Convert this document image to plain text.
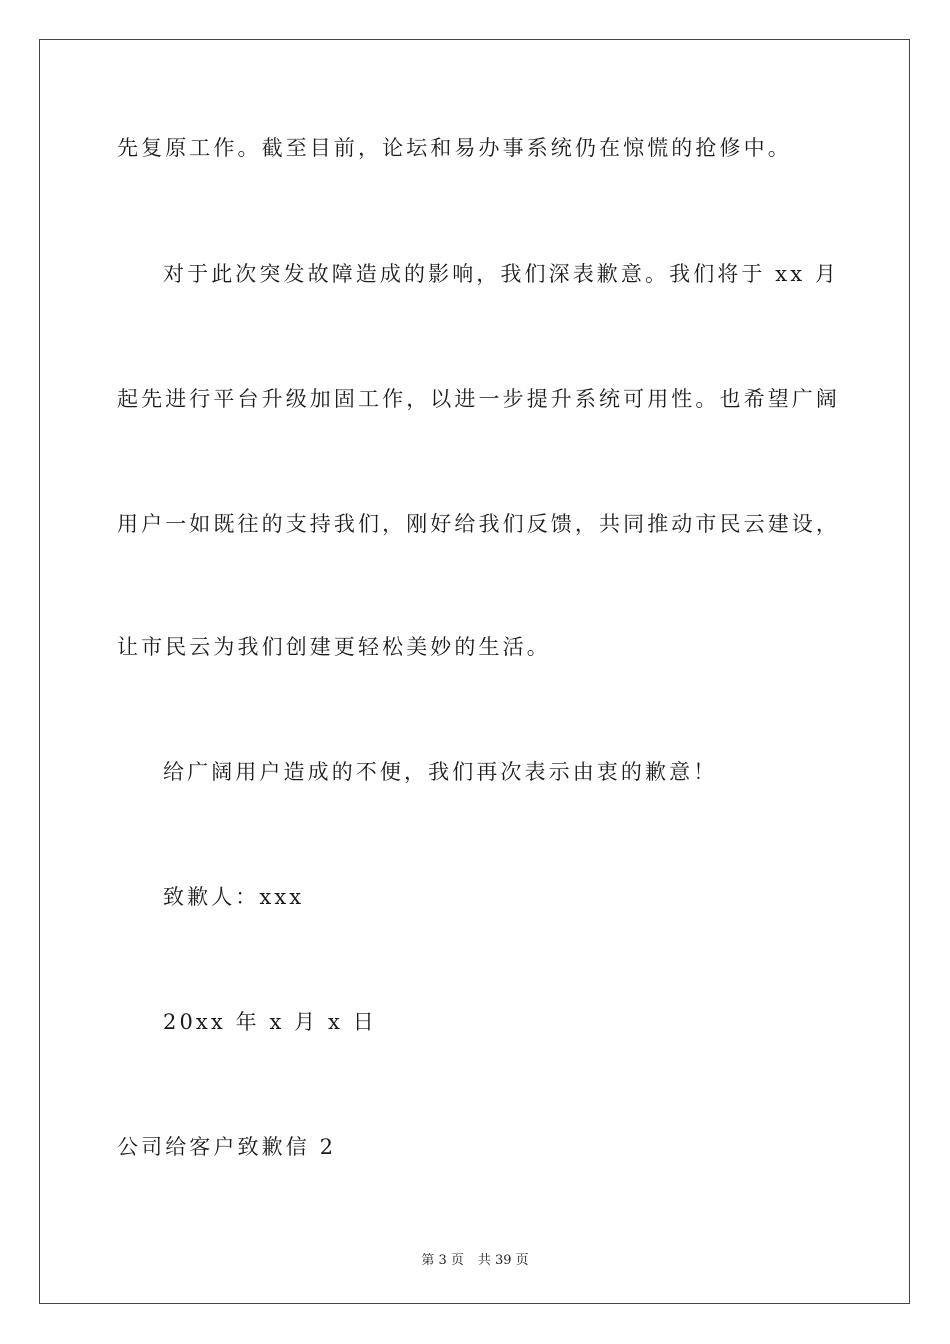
先复原工作。截至目前，论坛和易办事系统仍在惊慌的抢修中。
对于此次突发故障造成的影响，我们深表歉意。我们将于 xx 月
起先进行平台升级加固工作，以进一步提升系统可用性。也希望广阔
用户一如既往的支持我们，刚好给我们反馈，共同推动市民云建设，
让市民云为我们创建更轻松美妙的生活。
给广阔用户造成的不便，我们再次表示由衷的歉意！
致歉人：xxx
20xx 年 x 月 x 日
公司给客户致歉信 2
第 3 页 共 39 页
